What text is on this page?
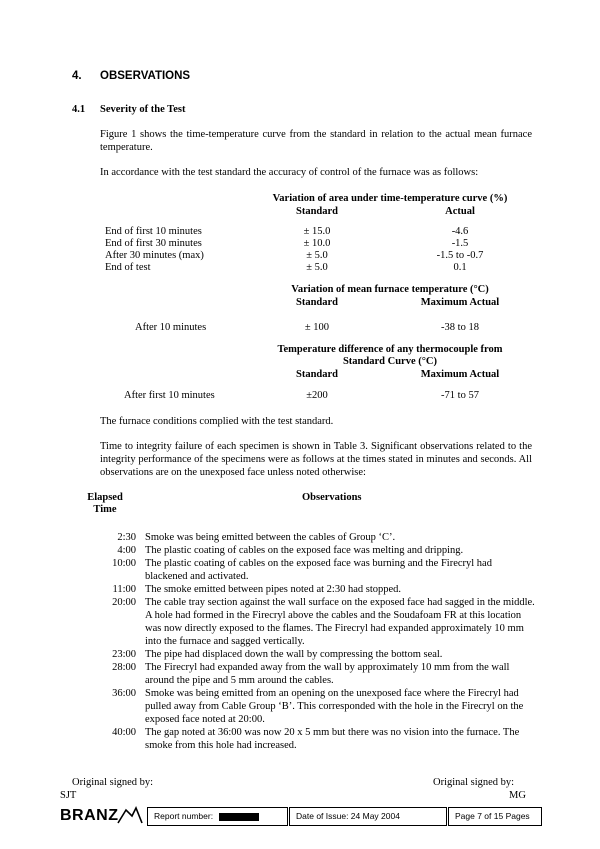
4. OBSERVATIONS
4.1 Severity of the Test
Figure 1 shows the time-temperature curve from the standard in relation to the actual mean furnace temperature.
In accordance with the test standard the accuracy of control of the furnace was as follows:
Variation of area under time-temperature curve (%)
Standard	Actual
End of first 10 minutes	± 15.0	-4.6
End of first 30 minutes	± 10.0	-1.5
After 30 minutes (max)	± 5.0	-1.5 to -0.7
End of test	± 5.0	0.1
Variation of mean furnace temperature (°C)
Standard	Maximum Actual
After 10 minutes	± 100	-38 to 18
Temperature difference of any thermocouple from
Standard Curve (°C)
Standard	Maximum Actual
After first 10 minutes	±200	-71 to 57
The furnace conditions complied with the test standard.
Time to integrity failure of each specimen is shown in Table 3. Significant observations related to the integrity performance of the specimens were as follows at the times stated in minutes and seconds. All observations are on the unexposed face unless noted otherwise:
Elapsed
Time
Observations
2:30 Smoke was being emitted between the cables of Group ‘C’.
4:00 The plastic coating of cables on the exposed face was melting and dripping.
10:00 The plastic coating of cables on the exposed face was burning and the Firecryl had blackened and activated.
11:00 The smoke emitted between pipes noted at 2:30 had stopped.
20:00 The cable tray section against the wall surface on the exposed face had sagged in the middle. A hole had formed in the Firecryl above the cables and the Soudafoam FR at this location was now directly exposed to the flames. The Firecryl had expanded approximately 10 mm into the furnace and sagged vertically.
23:00 The pipe had displaced down the wall by compressing the bottom seal.
28:00 The Firecryl had expanded away from the wall by approximately 10 mm from the wall around the pipe and 5 mm around the cables.
36:00 Smoke was being emitted from an opening on the unexposed face where the Firecryl had pulled away from Cable Group ‘B’. This corresponded with the hole in the Firecryl on the exposed face noted at 20:00.
40:00 The gap noted at 36:00 was now 20 x 5 mm but there was no vision into the furnace. The smoke from this hole had increased.
Original signed by:
SJT
Original signed by:
MG
BRANZ	Report number:	Date of Issue: 24 May 2004	Page 7 of 15 Pages
